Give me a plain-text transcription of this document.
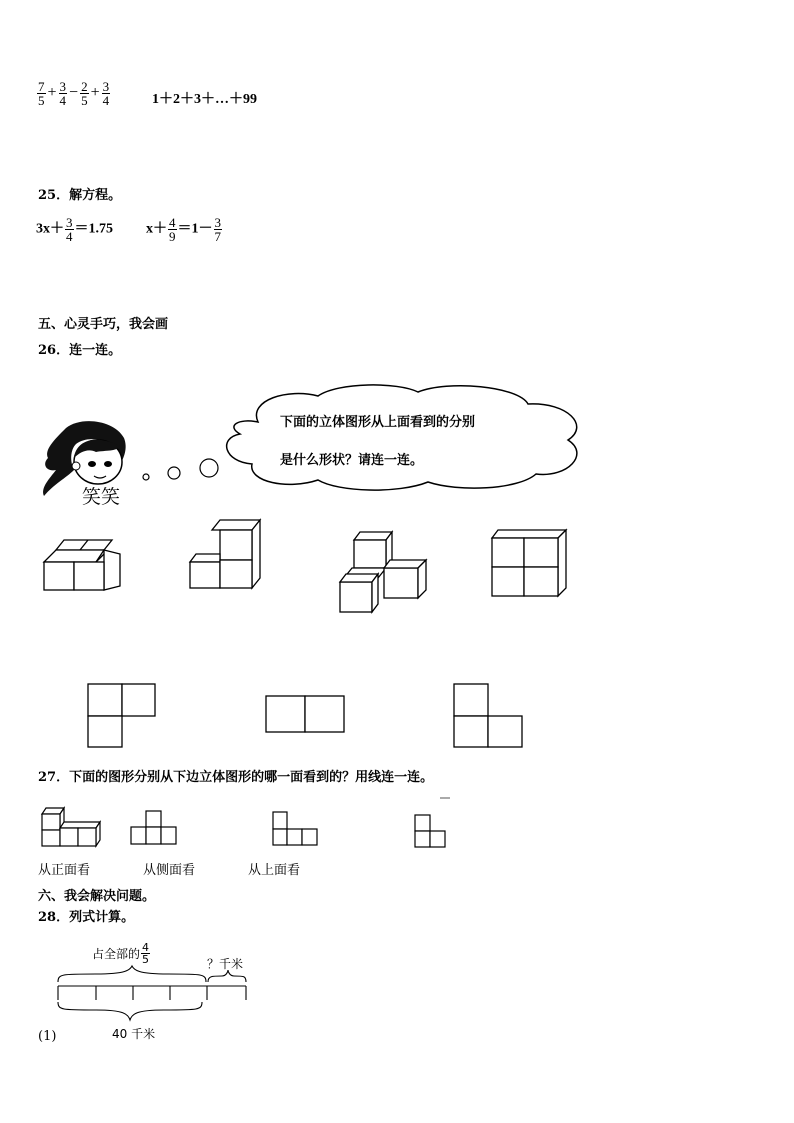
$\frac{7}{5} + \frac{3}{4} - \frac{2}{5} + \frac{3}{4}$	1＋2＋3＋…＋99
25．解方程。
$3x+ \frac{3}{4} =1.75$ $x+ \frac{4}{9} =1- \frac{3}{7}$
五、心灵手巧，我会画
26．连一连。
笑笑
下面的立体图形从上面看到的分别
是什么形状？请连一连。
27．下面的图形分别从下边立体图形的哪一面看到的？用线连一连。
从正面看	从侧面看	从上面看
六、我会解决问题。
28．列式计算。
占全部的 $\frac{4}{5}$	？千米
40 千米
(1)
